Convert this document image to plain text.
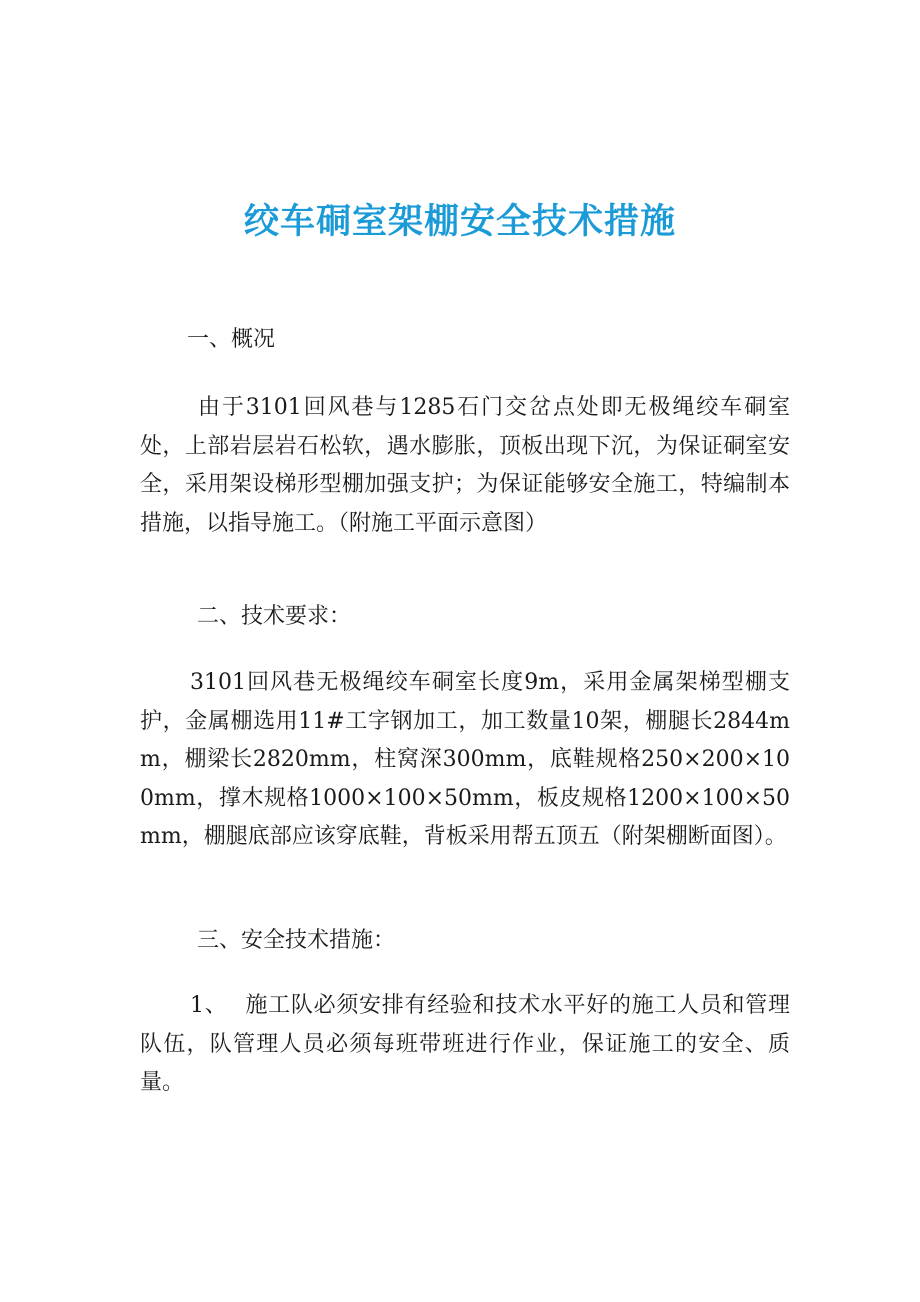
绞车硐室架棚安全技术措施

一、概况

由于3101回风巷与1285石门交岔点处即无极绳绞车硐室处，上部岩层岩石松软，遇水膨胀，顶板出现下沉，为保证硐室安全，采用架设梯形型棚加强支护；为保证能够安全施工，特编制本措施，以指导施工。（附施工平面示意图）

二、技术要求：

3101回风巷无极绳绞车硐室长度9m，采用金属架梯型棚支护，金属棚选用11#工字钢加工，加工数量10架，棚腿长2844mm，棚梁长2820mm，柱窝深300mm，底鞋规格250×200×100mm，撑木规格1000×100×50mm，板皮规格1200×100×50mm，棚腿底部应该穿底鞋，背板采用帮五顶五（附架棚断面图）。

三、安全技术措施：

1、 施工队必须安排有经验和技术水平好的施工人员和管理队伍，队管理人员必须每班带班进行作业，保证施工的安全、质量。
